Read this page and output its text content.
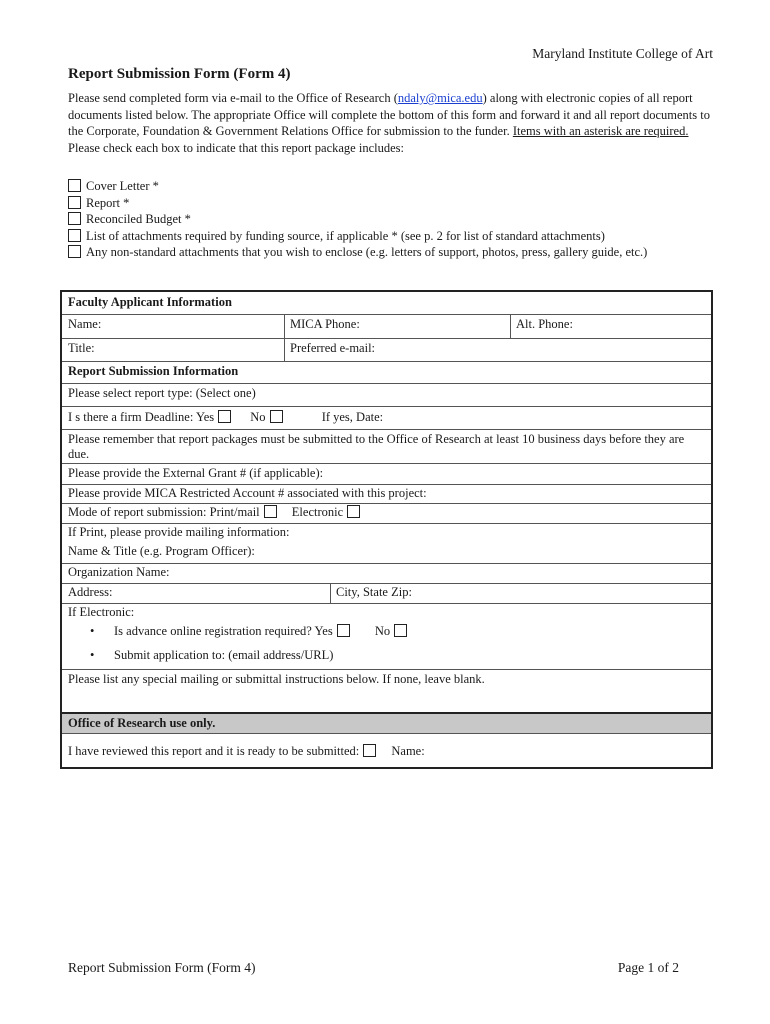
Maryland Institute College of Art
Report Submission Form (Form 4)
Please send completed form via e-mail to the Office of Research (ndaly@mica.edu) along with electronic copies of all report documents listed below. The appropriate Office will complete the bottom of this form and forward it and all report documents to the Corporate, Foundation & Government Relations Office for submission to the funder. Items with an asterisk are required.
Please check each box to indicate that this report package includes:
Cover Letter *
Report *
Reconciled Budget *
List of attachments required by funding source, if applicable * (see p. 2 for list of standard attachments)
Any non-standard attachments that you wish to enclose (e.g. letters of support, photos, press, gallery guide, etc.)
Faculty Applicant Information
Name:	MICA Phone:	Alt. Phone:
Title:	Preferred e-mail:
Report Submission Information
Please select report type: (Select one)
I s there a firm Deadline: Yes	No	If yes, Date:
Please remember that report packages must be submitted to the Office of Research at least 10 business days before they are due.
Please provide the External Grant # (if applicable):
Please provide MICA Restricted Account # associated with this project:
Mode of report submission: Print/mail	Electronic
If Print, please provide mailing information:
Name & Title (e.g. Program Officer):
Organization Name:
Address:	City, State Zip:
If Electronic:
• Is advance online registration required? Yes	No
• Submit application to: (email address/URL)
Please list any special mailing or submittal instructions below. If none, leave blank.
Office of Research use only.
I have reviewed this report and it is ready to be submitted:	Name:
Report Submission Form (Form 4)	Page 1 of 2
